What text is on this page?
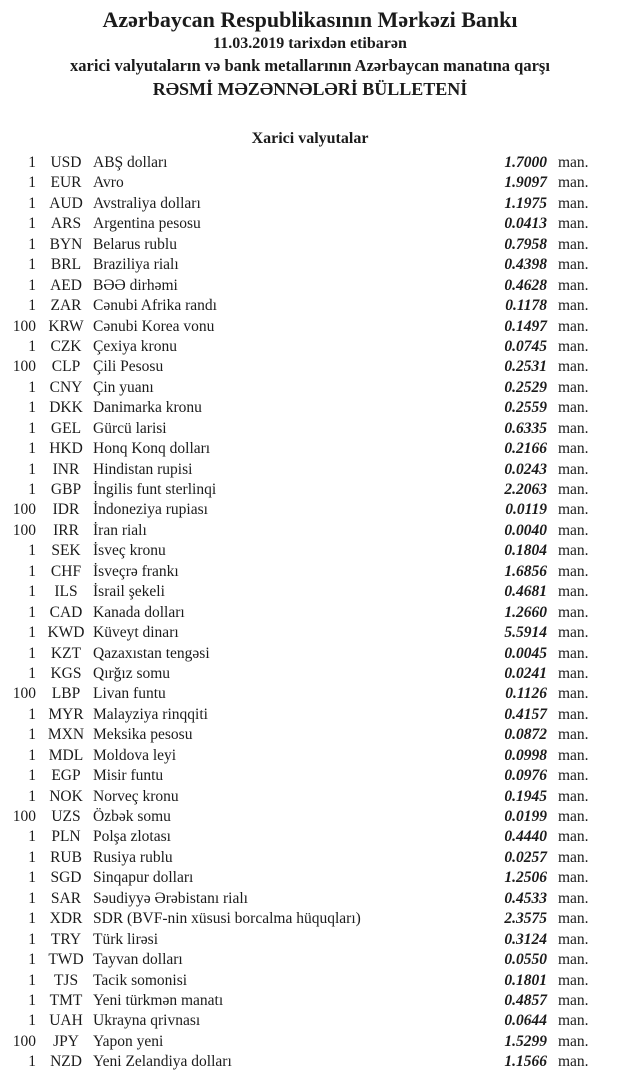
Azərbaycan Respublikasının Mərkəzi Bankı
11.03.2019 tarixdən etibarən
xarici valyutaların və bank metallarının Azərbaycan manatına qarşı
RƏSMİ MƏZƏNNƏLƏRİ BÜLLETENİ
Xarici valyutalar
1 USD ABŞ dolları	1.7000 man.
1 EUR Avro	1.9097 man.
1 AUD Avstraliya dolları	1.1975 man.
1 ARS Argentina pesosu	0.0413 man.
1 BYN Belarus rublu	0.7958 man.
1 BRL Braziliya rialı	0.4398 man.
1 AED BƏƏ dirhəmi	0.4628 man.
1 ZAR Cənubi Afrika randı	0.1178 man.
100 KRW Cənubi Korea vonu	0.1497 man.
1 CZK Çexiya kronu	0.0745 man.
100	CLP Çili Pesosu	0.2531 man.
1 CNY Çin yuanı	0.2529 man.
1 DKK Danimarka kronu	0.2559 man.
1 GEL Gürcü larisi	0.6335 man.
1 HKD Honq Konq dolları	0.2166 man.
1	INR Hindistan rupisi	0.0243 man.
1 GBP İngilis funt sterlinqi	2.2063 man.
100	IDR İndoneziya rupiası	0.0119 man.
100	IRR İran rialı	0.0040 man.
1 SEK İsveç kronu	0.1804 man.
1 CHF İsveçrə frankı	1.6856 man.
1	ILS İsrail şekeli	0.4681 man.
1 CAD Kanada dolları	1.2660 man.
1 KWD Küveyt dinarı	5.5914 man.
1 KZT Qazaxıstan tengəsi	0.0045 man.
1 KGS Qırğız somu	0.0241 man.
100	LBP Livan funtu	0.1126 man.
1 MYR Malayziya rinqqiti	0.4157 man.
1 MXN Meksika pesosu	0.0872 man.
1 MDL Moldova leyi	0.0998 man.
1 EGP Misir funtu	0.0976 man.
1 NOK Norveç kronu	0.1945 man.
100 UZS Özbək somu	0.0199 man.
1 PLN Polşa zlotası	0.4440 man.
1 RUB Rusiya rublu	0.0257 man.
1 SGD Sinqapur dolları	1.2506 man.
1 SAR Səudiyyə Ərəbistanı rialı	0.4533 man.
1 XDR SDR (BVF-nin xüsusi borcalma hüquqları)	2.3575 man.
1 TRY Türk lirəsi	0.3124 man.
1 TWD Tayvan dolları	0.0550 man.
1	TJS Tacik somonisi	0.1801 man.
1 TMT Yeni türkmən manatı	0.4857 man.
1 UAH Ukrayna qrivnası	0.0644 man.
100	JPY Yapon yeni	1.5299 man.
1 NZD Yeni Zelandiya dolları	1.1566 man.
